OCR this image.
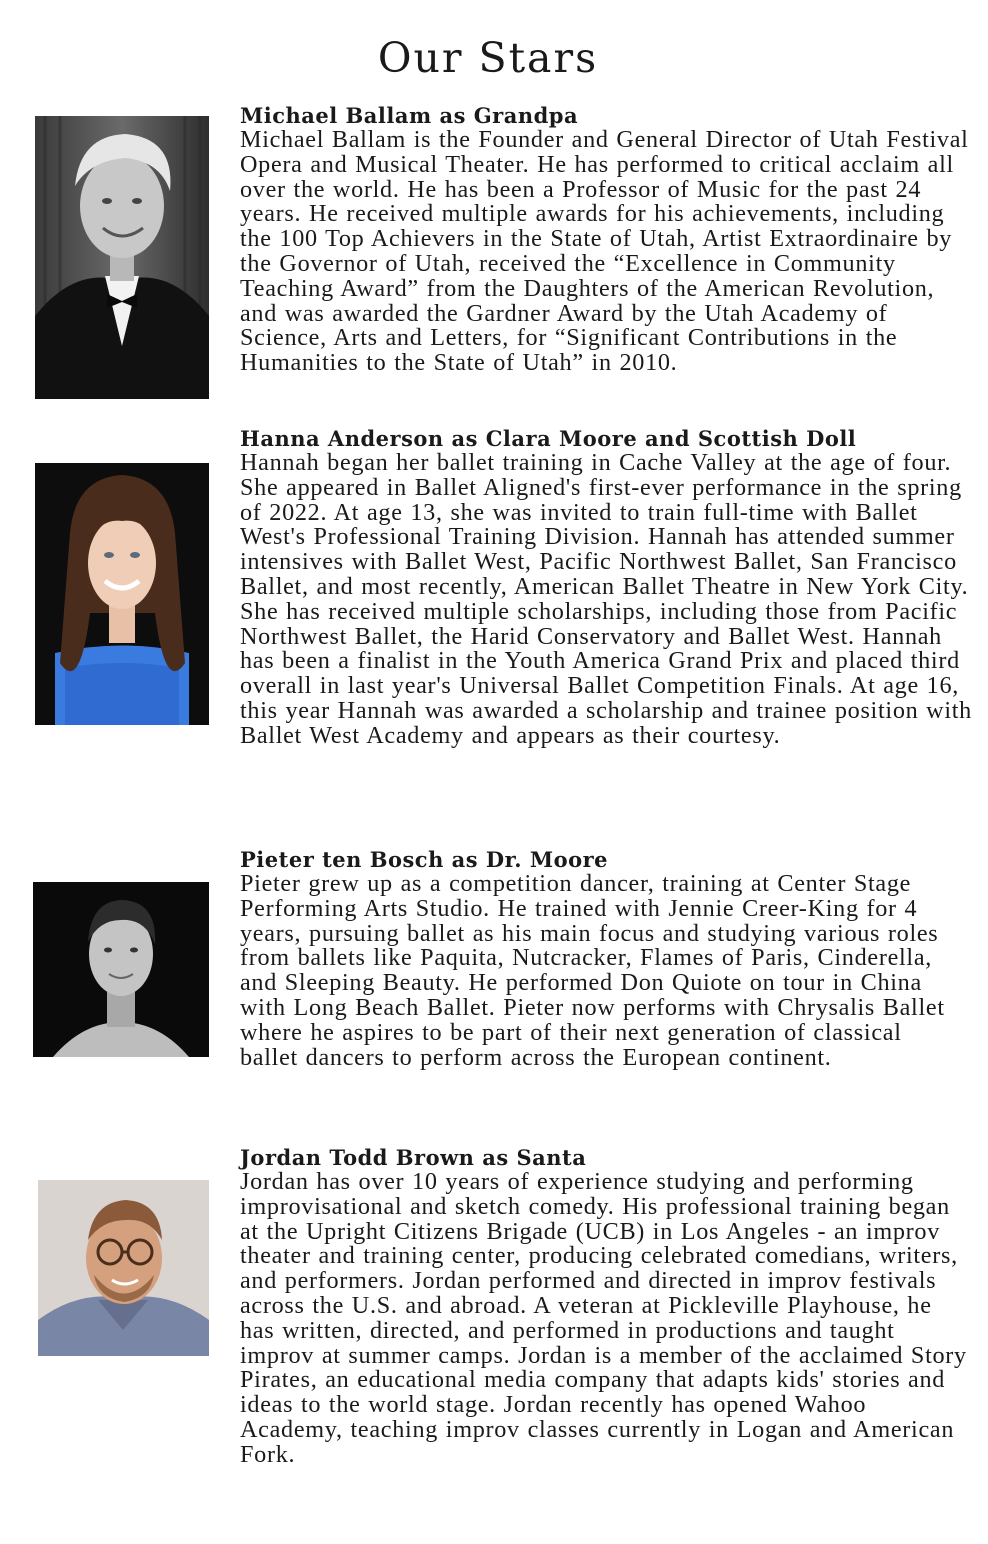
Our Stars

Michael Ballam as Grandpa

Michael Ballam is the Founder and General Director of Utah Festival Opera and Musical Theater. He has performed to critical acclaim all over the world. He has been a Professor of Music for the past 24 years. He received multiple awards for his achievements, including the 100 Top Achievers in the State of Utah, Artist Extraordinaire by the Governor of Utah, received the “Excellence in Community Teaching Award” from the Daughters of the American Revolution, and was awarded the Gardner Award by the Utah Academy of Science, Arts and Letters, for “Significant Contributions in the Humanities to the State of Utah” in 2010.

Hanna Anderson as Clara Moore and Scottish Doll

Hannah began her ballet training in Cache Valley at the age of four. She appeared in Ballet Aligned's first-ever performance in the spring of 2022. At age 13, she was invited to train full-time with Ballet West's Professional Training Division. Hannah has attended summer intensives with Ballet West, Pacific Northwest Ballet, San Francisco Ballet, and most recently, American Ballet Theatre in New York City. She has received multiple scholarships, including those from Pacific Northwest Ballet, the Harid Conservatory and Ballet West. Hannah has been a finalist in the Youth America Grand Prix and placed third overall in last year's Universal Ballet Competition Finals. At age 16, this year Hannah was awarded a scholarship and trainee position with Ballet West Academy and appears as their courtesy.

Pieter ten Bosch as Dr. Moore

Pieter grew up as a competition dancer, training at Center Stage Performing Arts Studio. He trained with Jennie Creer-King for 4 years, pursuing ballet as his main focus and studying various roles from ballets like Paquita, Nutcracker, Flames of Paris, Cinderella, and Sleeping Beauty. He performed Don Quiote on tour in China with Long Beach Ballet. Pieter now performs with Chrysalis Ballet where he aspires to be part of their next generation of classical ballet dancers to perform across the European continent.

Jordan Todd Brown as Santa

Jordan has over 10 years of experience studying and performing improvisational and sketch comedy. His professional training began at the Upright Citizens Brigade (UCB) in Los Angeles - an improv theater and training center, producing celebrated comedians, writers, and performers. Jordan performed and directed in improv festivals across the U.S. and abroad. A veteran at Pickleville Playhouse, he has written, directed, and performed in productions and taught improv at summer camps. Jordan is a member of the acclaimed Story Pirates, an educational media company that adapts kids' stories and ideas to the world stage. Jordan recently has opened Wahoo Academy, teaching improv classes currently in Logan and American Fork.
